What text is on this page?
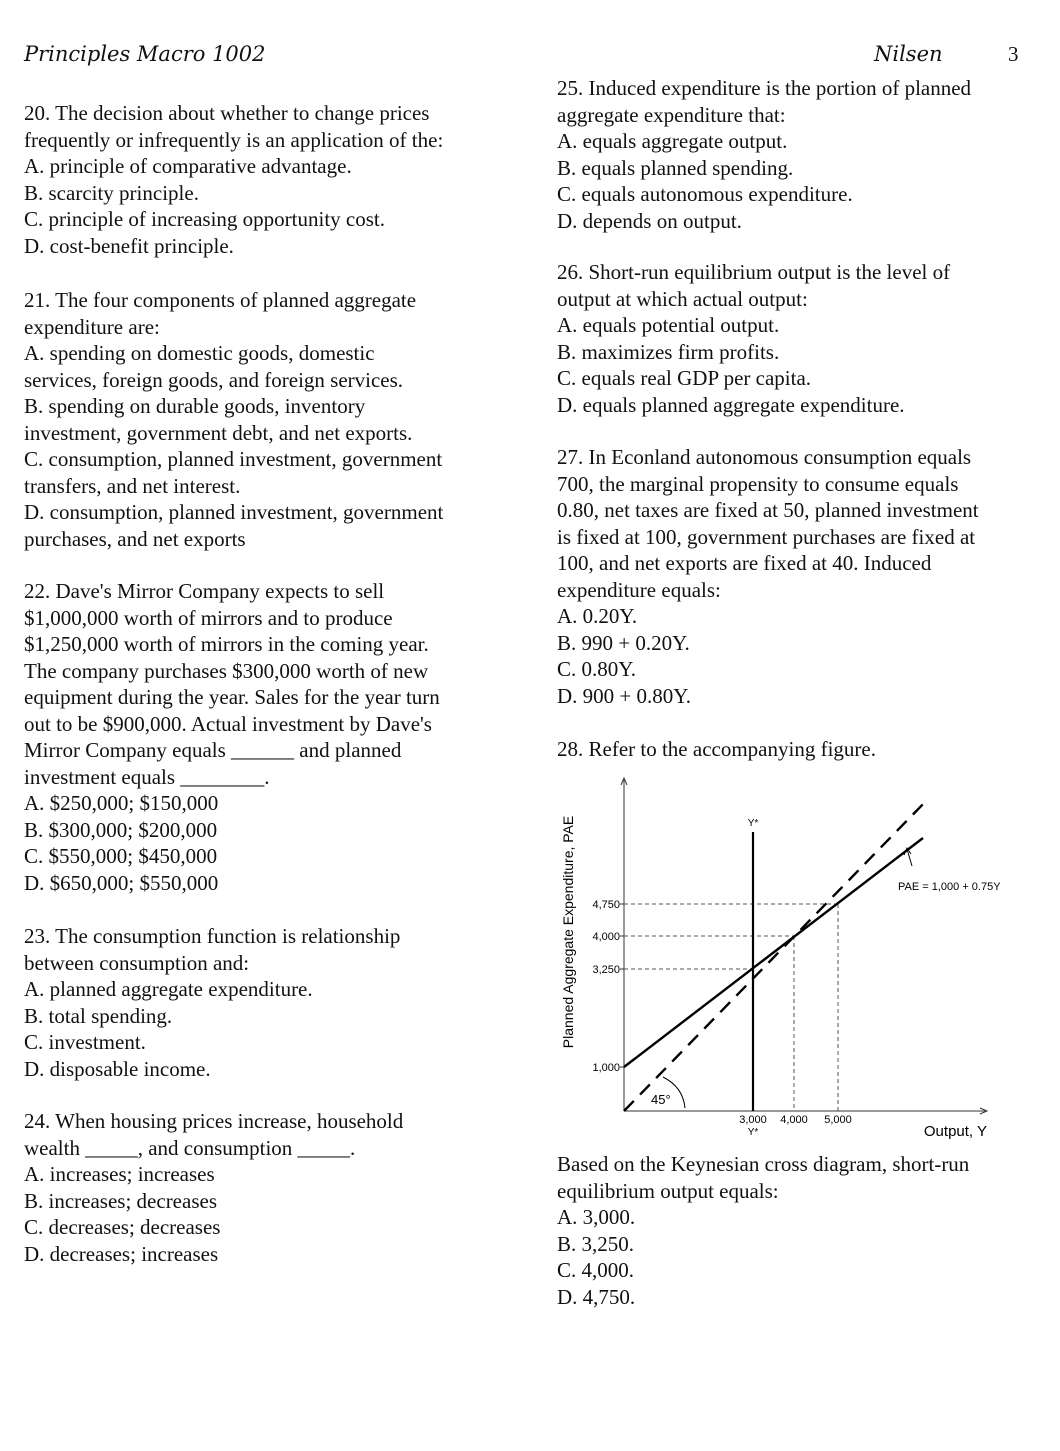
Principles Macro 1002	Nilsen	3
20. The decision about whether to change prices
frequently or infrequently is an application of the:
A. principle of comparative advantage.
B. scarcity principle.
C. principle of increasing opportunity cost.
D. cost-benefit principle.
21. The four components of planned aggregate
expenditure are:
A. spending on domestic goods, domestic
services, foreign goods, and foreign services.
B. spending on durable goods, inventory
investment, government debt, and net exports.
C. consumption, planned investment, government
transfers, and net interest.
D. consumption, planned investment, government
purchases, and net exports
22. Dave's Mirror Company expects to sell
$1,000,000 worth of mirrors and to produce
$1,250,000 worth of mirrors in the coming year.
The company purchases $300,000 worth of new
equipment during the year. Sales for the year turn
out to be $900,000. Actual investment by Dave's
Mirror Company equals ______ and planned
investment equals ________.
A. $250,000; $150,000
B. $300,000; $200,000
C. $550,000; $450,000
D. $650,000; $550,000
23. The consumption function is relationship
between consumption and:
A. planned aggregate expenditure.
B. total spending.
C. investment.
D. disposable income.
24. When housing prices increase, household
wealth _____, and consumption _____.
A. increases; increases
B. increases; decreases
C. decreases; decreases
D. decreases; increases
25. Induced expenditure is the portion of planned
aggregate expenditure that:
A. equals aggregate output.
B. equals planned spending.
C. equals autonomous expenditure.
D. depends on output.
26. Short-run equilibrium output is the level of
output at which actual output:
A. equals potential output.
B. maximizes firm profits.
C. equals real GDP per capita.
D. equals planned aggregate expenditure.
27. In Econland autonomous consumption equals
700, the marginal propensity to consume equals
0.80, net taxes are fixed at 50, planned investment
is fixed at 100, government purchases are fixed at
100, and net exports are fixed at 40. Induced
expenditure equals:
A. 0.20Y.
B. 990 + 0.20Y.
C. 0.80Y.
D. 900 + 0.80Y.
28. Refer to the accompanying figure.
Based on the Keynesian cross diagram, short-run
equilibrium output equals:
A. 3,000.
B. 3,250.
C. 4,000.
D. 4,750.
4,750
4,000
3,250
1,000
3,000 4,000 5,000
Y*
Y*
PAE = 1,000 + 0.75Y
45°
Planned Aggregate Expenditure, PAE
Output, Y
